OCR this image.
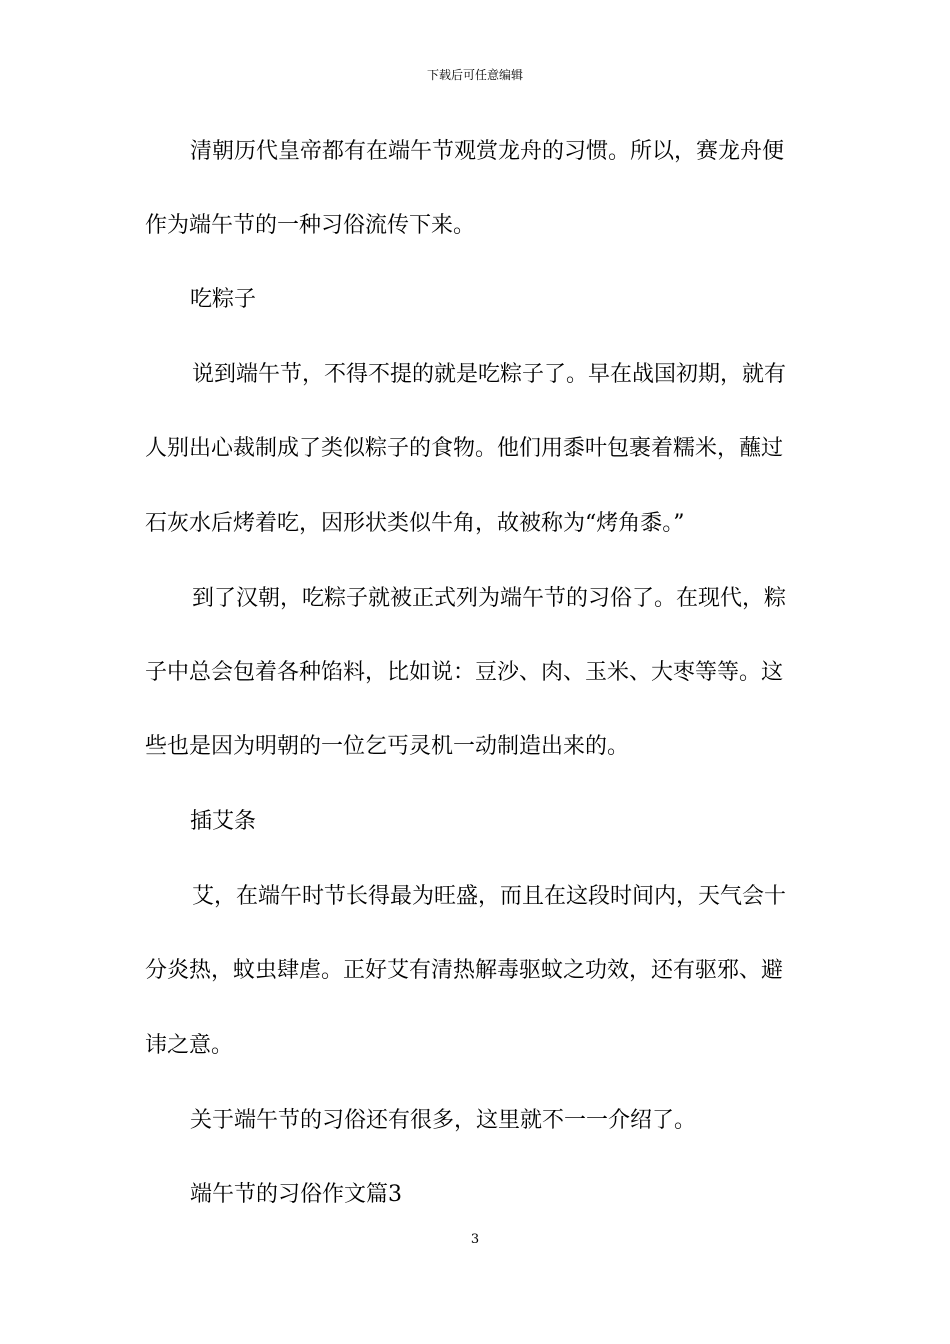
下载后可任意编辑
清朝历代皇帝都有在端午节观赏龙舟的习惯。所以，赛龙舟便
作为端午节的一种习俗流传下来。
吃粽子
说到端午节，不得不提的就是吃粽子了。早在战国初期，就有
人别出心裁制成了类似粽子的食物。他们用黍叶包裹着糯米，蘸过
石灰水后烤着吃，因形状类似牛角，故被称为“烤角黍。”
到了汉朝，吃粽子就被正式列为端午节的习俗了。在现代，粽
子中总会包着各种馅料，比如说：豆沙、肉、玉米、大枣等等。这
些也是因为明朝的一位乞丐灵机一动制造出来的。
插艾条
艾，在端午时节长得最为旺盛，而且在这段时间内，天气会十
分炎热，蚊虫肆虐。正好艾有清热解毒驱蚊之功效，还有驱邪、避
讳之意。
关于端午节的习俗还有很多，这里就不一一介绍了。
端午节的习俗作文篇3
3
